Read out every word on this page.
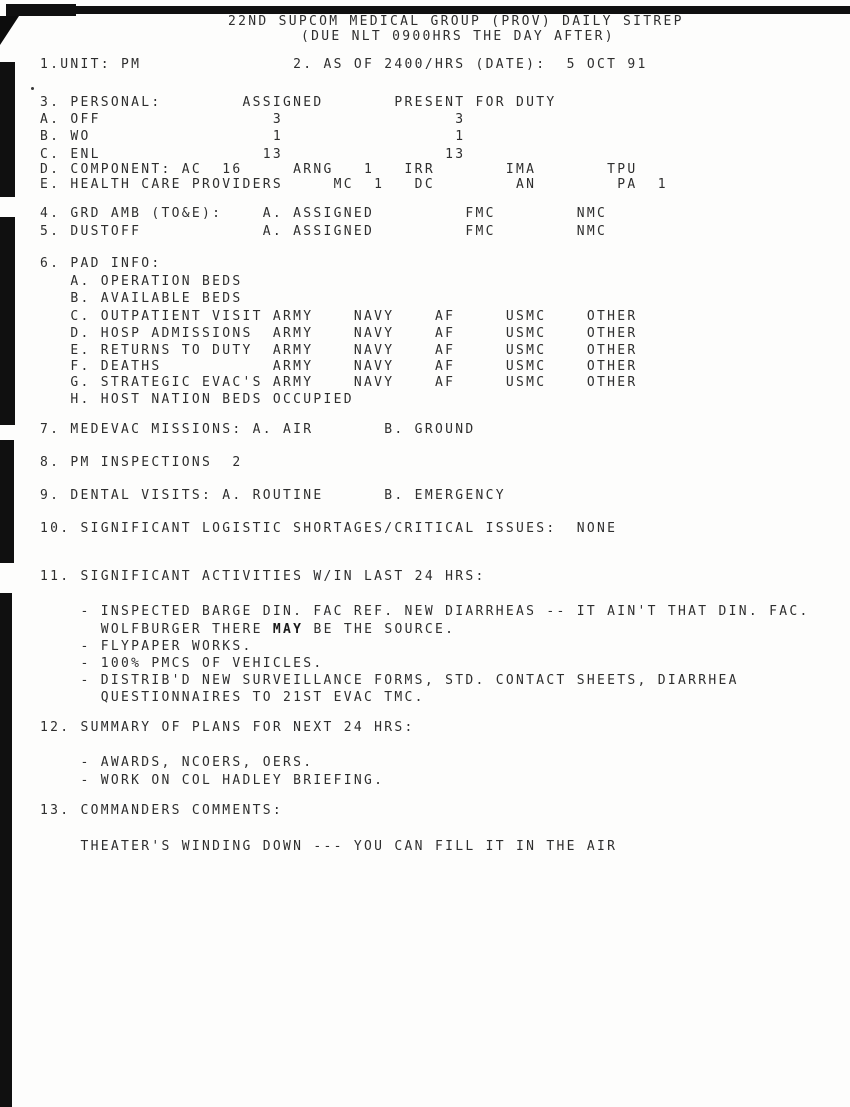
22ND SUPCOM MEDICAL GROUP (PROV) DAILY SITREP
(DUE NLT 0900HRS THE DAY AFTER)
1.UNIT: PM               2. AS OF 2400/HRS (DATE):  5 OCT 91
3. PERSONAL:        ASSIGNED       PRESENT FOR DUTY
A. OFF                 3                 3
B. WO                  1                 1
C. ENL                13                13
D. COMPONENT: AC  16     ARNG   1   IRR       IMA       TPU
E. HEALTH CARE PROVIDERS     MC  1   DC        AN        PA  1
4. GRD AMB (TO&E):    A. ASSIGNED         FMC        NMC
5. DUSTOFF            A. ASSIGNED         FMC        NMC
6. PAD INFO:
A. OPERATION BEDS
B. AVAILABLE BEDS
C. OUTPATIENT VISIT ARMY    NAVY    AF     USMC    OTHER
D. HOSP ADMISSIONS  ARMY    NAVY    AF     USMC    OTHER
E. RETURNS TO DUTY  ARMY    NAVY    AF     USMC    OTHER
F. DEATHS           ARMY    NAVY    AF     USMC    OTHER
G. STRATEGIC EVAC'S ARMY    NAVY    AF     USMC    OTHER
H. HOST NATION BEDS OCCUPIED
7. MEDEVAC MISSIONS: A. AIR       B. GROUND
8. PM INSPECTIONS  2
9. DENTAL VISITS: A. ROUTINE      B. EMERGENCY
10. SIGNIFICANT LOGISTIC SHORTAGES/CRITICAL ISSUES:  NONE
11. SIGNIFICANT ACTIVITIES W/IN LAST 24 HRS:
- INSPECTED BARGE DIN. FAC REF. NEW DIARRHEAS -- IT AIN'T THAT DIN. FAC.
WOLFBURGER THERE MAY BE THE SOURCE.
- FLYPAPER WORKS.
- 100% PMCS OF VEHICLES.
- DISTRIB'D NEW SURVEILLANCE FORMS, STD. CONTACT SHEETS, DIARRHEA
QUESTIONNAIRES TO 21ST EVAC TMC.
12. SUMMARY OF PLANS FOR NEXT 24 HRS:
- AWARDS, NCOERS, OERS.
- WORK ON COL HADLEY BRIEFING.
13. COMMANDERS COMMENTS:
THEATER'S WINDING DOWN --- YOU CAN FILL IT IN THE AIR
